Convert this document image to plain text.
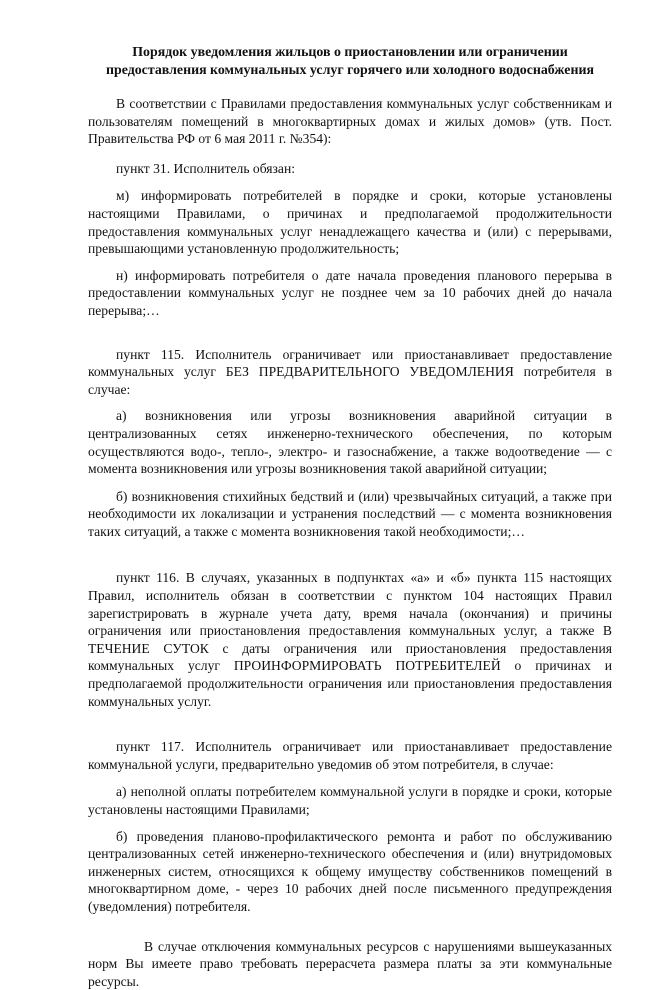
Порядок уведомления жильцов о приостановлении или ограничении
предоставления коммунальных услуг горячего или холодного водоснабжения

В соответствии с Правилами предоставления коммунальных услуг собственникам и пользователям помещений в многоквартирных домах и жилых домов» (утв. Пост. Правительства РФ от 6 мая 2011 г. №354):

пункт 31. Исполнитель обязан:

м) информировать потребителей в порядке и сроки, которые установлены настоящими Правилами, о причинах и предполагаемой продолжительности предоставления коммунальных услуг ненадлежащего качества и (или) с перерывами, превышающими установленную продолжительность;

н) информировать потребителя о дате начала проведения планового перерыва в предоставлении коммунальных услуг не позднее чем за 10 рабочих дней до начала перерыва;…

пункт 115. Исполнитель ограничивает или приостанавливает предоставление коммунальных услуг БЕЗ ПРЕДВАРИТЕЛЬНОГО УВЕДОМЛЕНИЯ потребителя в случае:

а) возникновения или угрозы возникновения аварийной ситуации в централизованных сетях инженерно-технического обеспечения, по которым осуществляются водо-, тепло-, электро- и газоснабжение, а также водоотведение — с момента возникновения или угрозы возникновения такой аварийной ситуации;

б) возникновения стихийных бедствий и (или) чрезвычайных ситуаций, а также при необходимости их локализации и устранения последствий — с момента возникновения таких ситуаций, а также с момента возникновения такой необходимости;…

пункт 116. В случаях, указанных в подпунктах «а» и «б» пункта 115 настоящих Правил, исполнитель обязан в соответствии с пунктом 104 настоящих Правил зарегистрировать в журнале учета дату, время начала (окончания) и причины ограничения или приостановления предоставления коммунальных услуг, а также В ТЕЧЕНИЕ СУТОК с даты ограничения или приостановления предоставления коммунальных услуг ПРОИНФОРМИРОВАТЬ ПОТРЕБИТЕЛЕЙ о причинах и предполагаемой продолжительности ограничения или приостановления предоставления коммунальных услуг.

пункт 117. Исполнитель ограничивает или приостанавливает предоставление коммунальной услуги, предварительно уведомив об этом потребителя, в случае:

а) неполной оплаты потребителем коммунальной услуги в порядке и сроки, которые установлены настоящими Правилами;

б) проведения планово-профилактического ремонта и работ по обслуживанию централизованных сетей инженерно-технического обеспечения и (или) внутридомовых инженерных систем, относящихся к общему имуществу собственников помещений в многоквартирном доме, - через 10 рабочих дней после письменного предупреждения (уведомления) потребителя.

В случае отключения коммунальных ресурсов с нарушениями вышеуказанных норм Вы имеете право требовать перерасчета размера платы за эти коммунальные ресурсы.
